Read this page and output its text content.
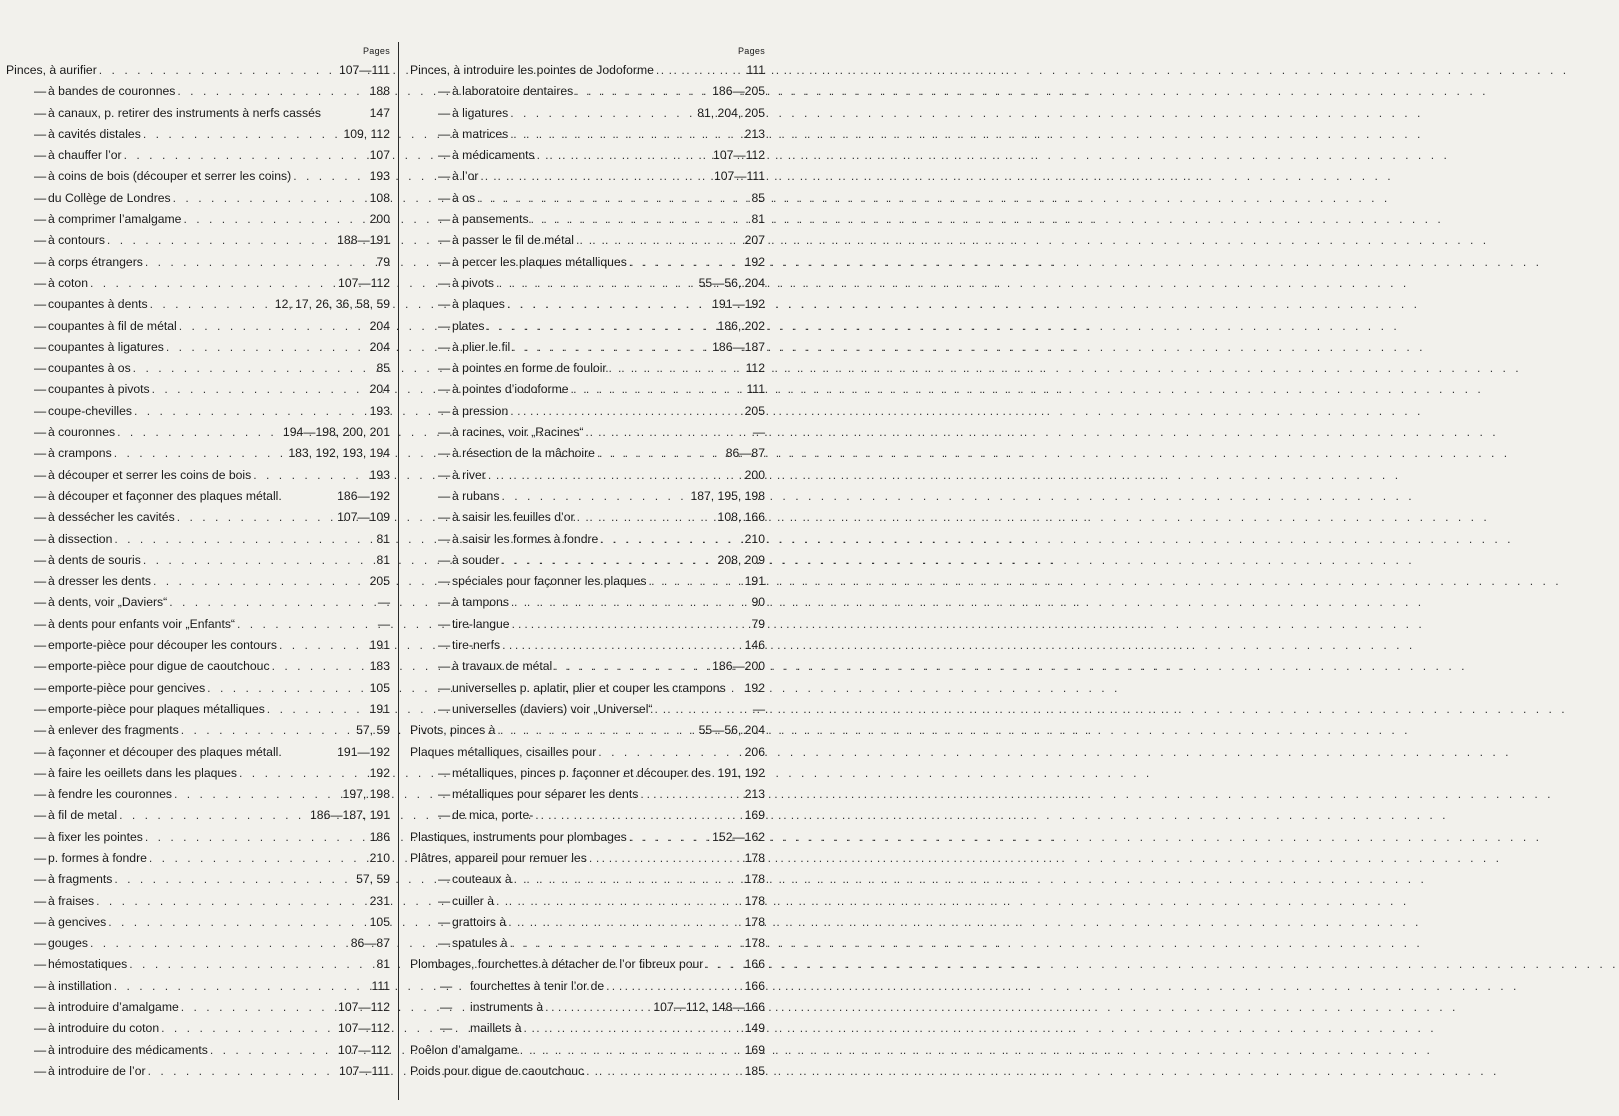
Pages
Pinces, à aurifier . . .	107—111
— à bandes de couronnes . . .	188
— à canaux, p. retirer des instruments à nerfs cassés	147
— à cavités distales . . .	109, 112
— à chauffer l’or . . .	107
— à coins de bois (découper et serrer les coins) . . .	193
— du Collège de Londres . . .	108
— à comprimer l’amalgame . . .	200
— à contours . . .	188—191
— à corps étrangers . . .	79
— à coton . . .	107—112
— coupantes à dents . . .	12, 17, 26, 36, 58, 59
— coupantes à fil de métal . . .	204
— coupantes à ligatures . . .	204
— coupantes à os . . .	85
— coupantes à pivots . . .	204
— coupe-chevilles . . .	193
— à couronnes . . .	194—198, 200, 201
— à crampons . . .	183, 192, 193, 194
— à découper et serrer les coins de bois . . .	193
— à découper et façonner des plaques métall.	186—192
— à dessécher les cavités . . .	107—109
— à dissection . . .	81
— à dents de souris . . .	81
— à dresser les dents . . .	205
— à dents, voir „Daviers“ . . .	—
— à dents pour enfants voir „Enfants“ . . .	—
— emporte-pièce pour découper les contours . . .	191
— emporte-pièce pour digue de caoutchouc . . .	183
— emporte-pièce pour gencives . . .	105
— emporte-pièce pour plaques métalliques . . .	191
— à enlever des fragments . . .	57, 59
— à façonner et découper des plaques métall.	191—192
— à faire les oeillets dans les plaques . . .	192
— à fendre les couronnes . . .	197, 198
— à fil de metal . . .	186—187, 191
— à fixer les pointes . . .	186
— p. formes à fondre . . .	210
— à fragments . . .	57, 59
— à fraises . . .	231
— à gencives . . .	105
— gouges . . .	86—87
— hémostatiques . . .	81
— à instillation . . .	111
— à introduire d’amalgame . . .	107—112
— à introduire du coton . . .	107—112
— à introduire des médicaments . . .	107—112
— à introduire de l’or . . .	107—111
Pages
Pinces, à introduire les pointes de Jodoforme . . .	111
— à laboratoire dentaires . . .	186—205
— à ligatures . . .	81, 204, 205
— à matrices . . .	213
— à médicaments . . .	107—112
— à l’or . . .	107—111
— à os . . .	85
— à pansements . . .	81
— à passer le fil de métal . . .	207
— à percer les plaques métalliques . . .	192
— à pivots . . .	55—56, 204
— à plaques . . .	191—192
— plates . . .	186, 202
— à plier le fil . . .	186—187
— à pointes en forme de fouloir . . .	112
— à pointes d’iodoforme . . .	111
— à pression . . .	205
— à racines, voir „Racines“ . . .	—
— à résection de la mâchoire . . .	86—87
— à river . . .	200
— à rubans . . .	187, 195, 198
— à saisir les feuilles d’or . . .	108, 166
— à saisir les formes à fondre . . .	210
— à souder . . .	208, 209
— spéciales pour façonner les plaques . . .	191
— à tampons . . .	90
— tire-langue . . .	79
— tire-nerfs . . .	146
— à travaux de métal . . .	186—200
— universelles p. aplatir, plier et couper les crampons 192
— universelles (daviers) voir „Universel“ . . .	—
Pivots, pinces à . . .	55—56, 204
Plaques métalliques, cisailles pour . . .	206
— métalliques, pinces p. façonner et découper des 191, 192
— métalliques pour séparer les dents . . .	213
— de mica, porte- . . .	169
Plastiques, instruments pour plombages . . .	152—162
Plâtres, appareil pour remuer les . . .	178
— couteaux à . . .	178
— cuiller à . . .	178
— grattoirs à . . .	178
— spatules à . . .	178
Plombages, fourchettes à détacher de l’or fibreux pour . . .	166
—	fourchettes à tenir l’or de . . .	166
—	instruments à . . .	107—112, 148—166
—	maillets à . . .	149
Poêlon d’amalgame . . .	169
Poids pour digue de caoutchouc . . .	185
